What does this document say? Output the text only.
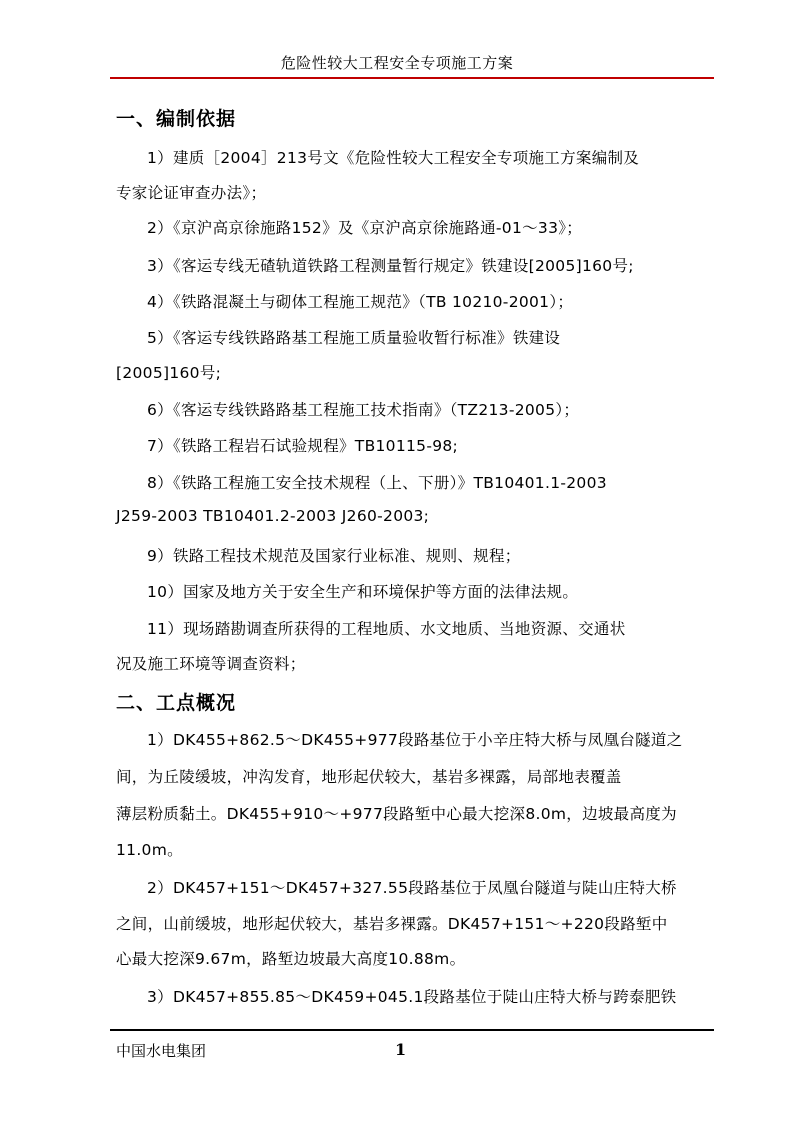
危险性较大工程安全专项施工方案
一、编制依据
1）建质［2004］213号文《危险性较大工程安全专项施工方案编制及
专家论证审查办法》；
2）《京沪高京徐施路152》及《京沪高京徐施路通-01～33》；
3）《客运专线无碴轨道铁路工程测量暂行规定》铁建设[2005]160号;
4）《铁路混凝土与砌体工程施工规范》（TB 10210-2001）；
5）《客运专线铁路路基工程施工质量验收暂行标准》铁建设
[2005]160号;
6）《客运专线铁路路基工程施工技术指南》（TZ213-2005）；
7）《铁路工程岩石试验规程》TB10115-98;
8）《铁路工程施工安全技术规程（上、下册）》TB10401.1-2003
J259-2003 TB10401.2-2003 J260-2003;
9）铁路工程技术规范及国家行业标准、规则、规程；
10）国家及地方关于安全生产和环境保护等方面的法律法规。
11）现场踏勘调查所获得的工程地质、水文地质、当地资源、交通状
况及施工环境等调查资料；
二、工点概况
1）DK455+862.5～DK455+977段路基位于小辛庄特大桥与凤凰台隧道之
间，为丘陵缓坡，冲沟发育，地形起伏较大，基岩多裸露，局部地表覆盖
薄层粉质黏土。DK455+910～+977段路堑中心最大挖深8.0m，边坡最高度为
11.0m。
2）DK457+151～DK457+327.55段路基位于凤凰台隧道与陡山庄特大桥
之间，山前缓坡，地形起伏较大，基岩多裸露。DK457+151～+220段路堑中
心最大挖深9.67m，路堑边坡最大高度10.88m。
3）DK457+855.85～DK459+045.1段路基位于陡山庄特大桥与跨泰肥铁
中国水电集团	1
